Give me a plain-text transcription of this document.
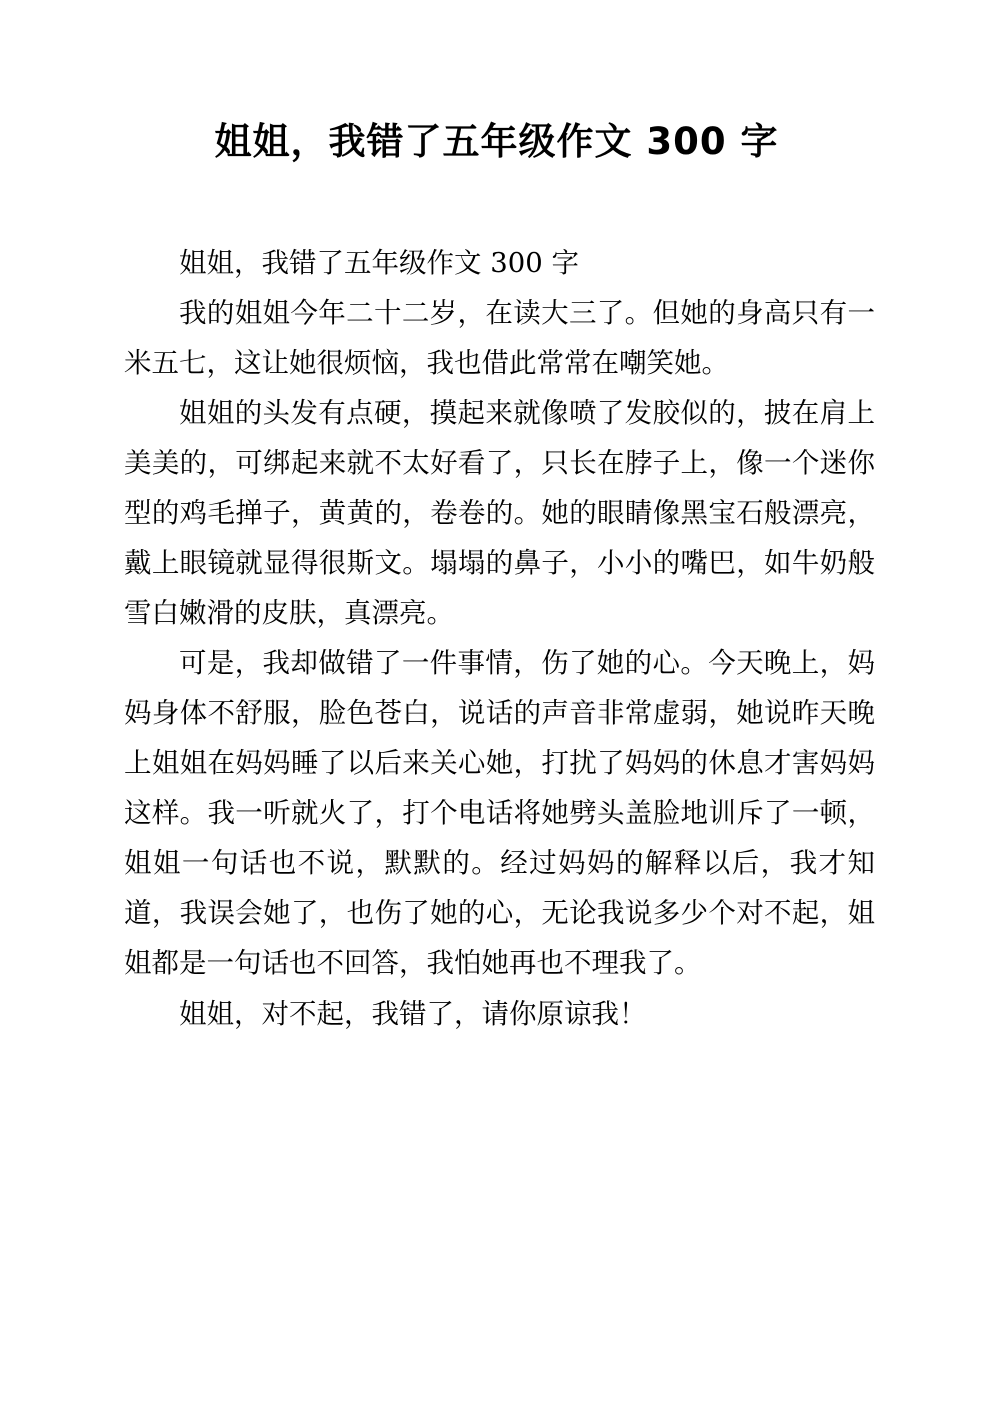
姐姐，我错了五年级作文 300 字

姐姐，我错了五年级作文 300 字

我的姐姐今年二十二岁，在读大三了。但她的身高只有一米五七，这让她很烦恼，我也借此常常在嘲笑她。

姐姐的头发有点硬，摸起来就像喷了发胶似的，披在肩上美美的，可绑起来就不太好看了，只长在脖子上，像一个迷你型的鸡毛掸子，黄黄的，卷卷的。她的眼睛像黑宝石般漂亮，戴上眼镜就显得很斯文。塌塌的鼻子，小小的嘴巴，如牛奶般雪白嫩滑的皮肤，真漂亮。

可是，我却做错了一件事情，伤了她的心。今天晚上，妈妈身体不舒服，脸色苍白，说话的声音非常虚弱，她说昨天晚上姐姐在妈妈睡了以后来关心她，打扰了妈妈的休息才害妈妈这样。我一听就火了，打个电话将她劈头盖脸地训斥了一顿，姐姐一句话也不说，默默的。经过妈妈的解释以后，我才知道，我误会她了，也伤了她的心，无论我说多少个对不起，姐姐都是一句话也不回答，我怕她再也不理我了。

姐姐，对不起，我错了，请你原谅我！
